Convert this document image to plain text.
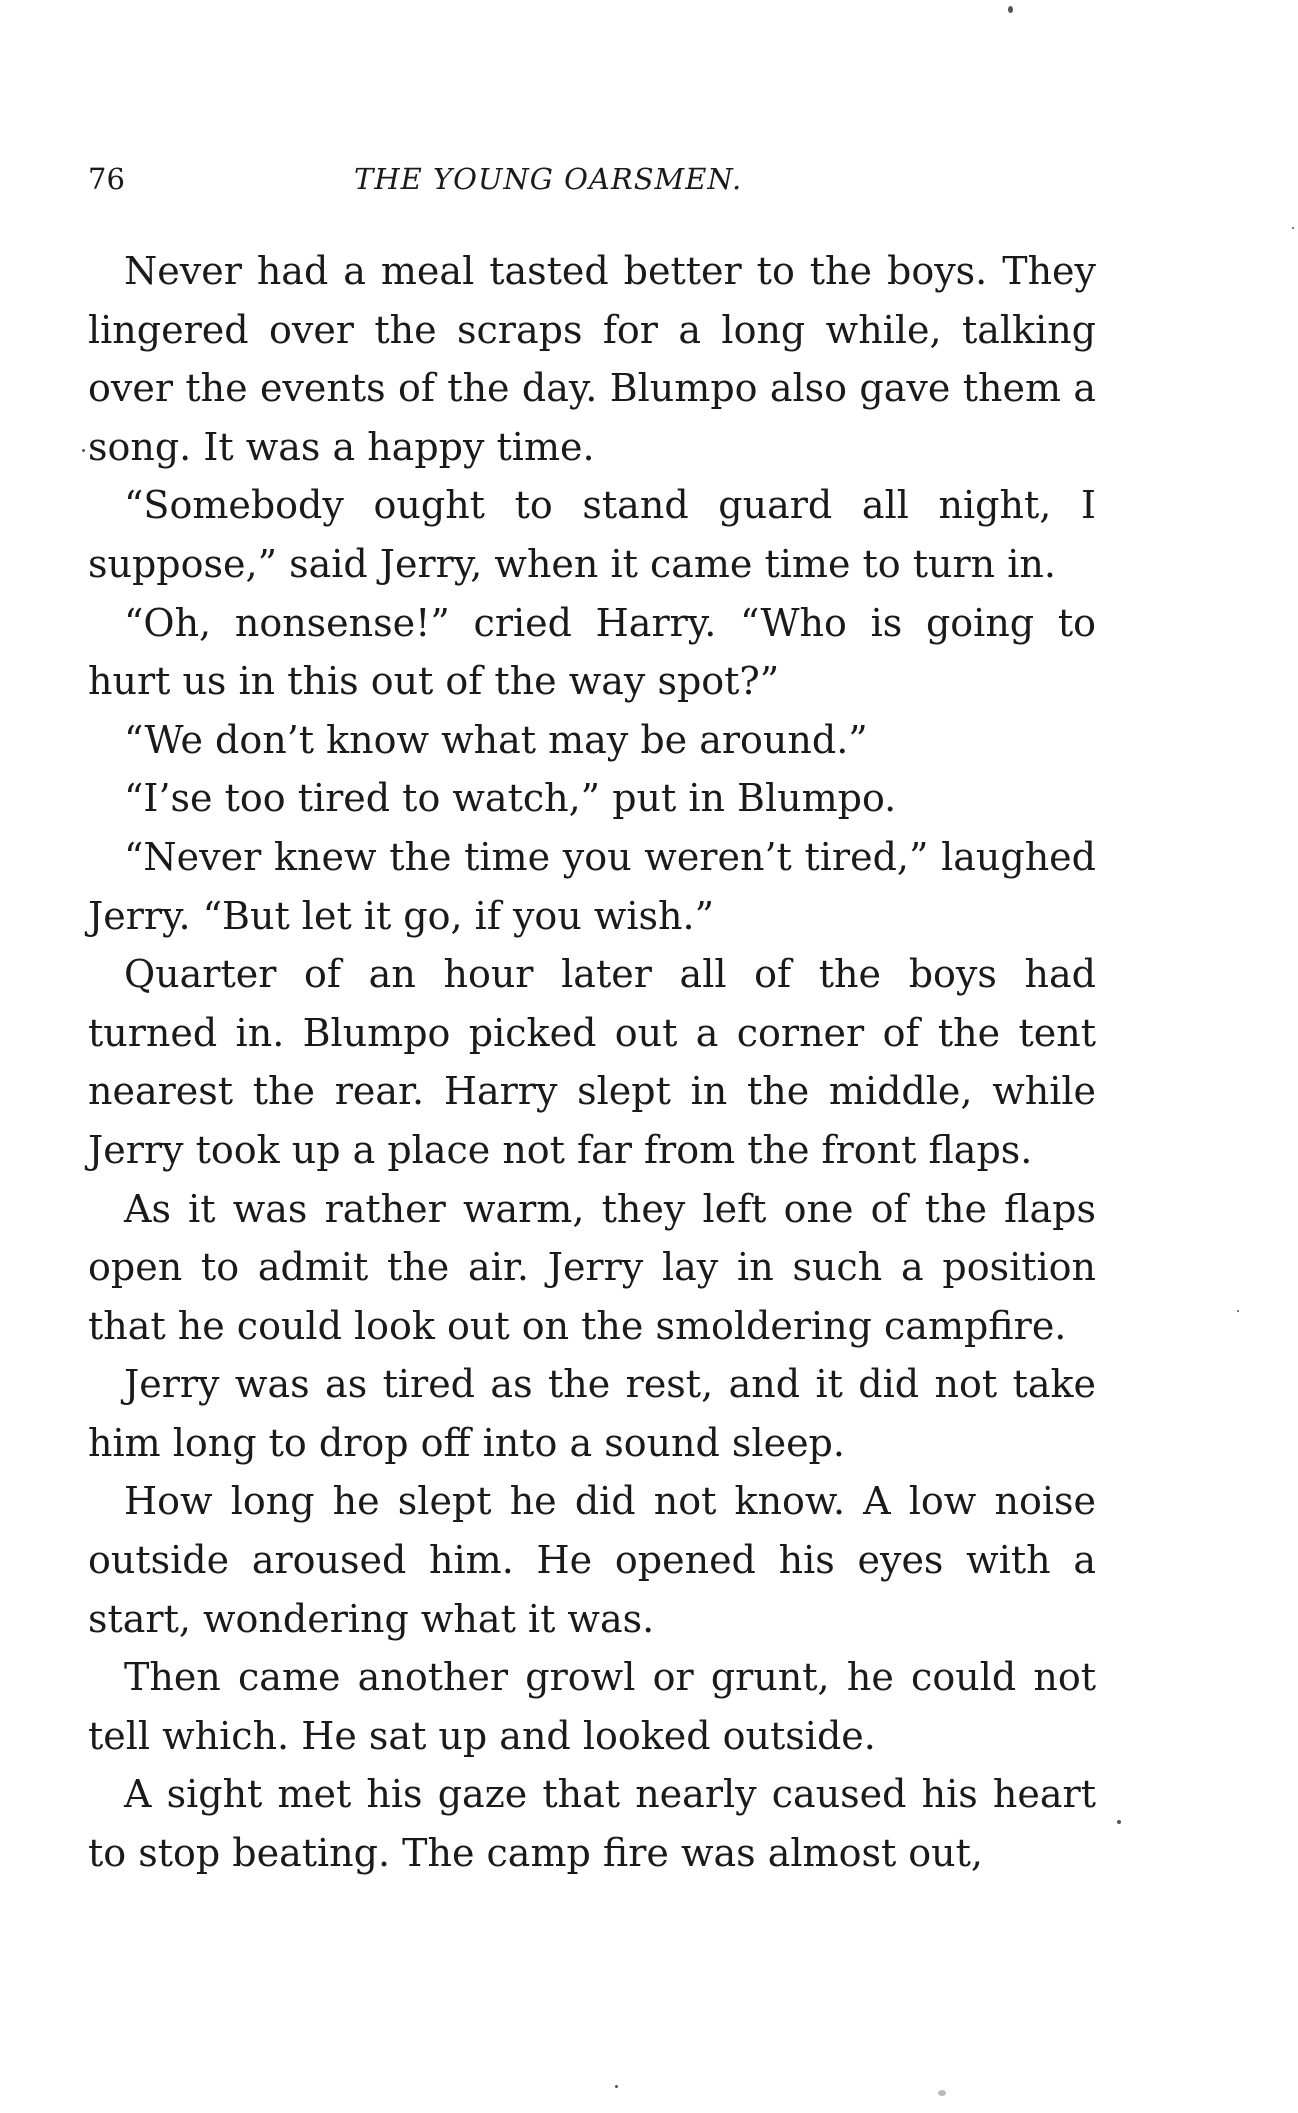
76	THE YOUNG OARSMEN.

Never had a meal tasted better to the boys. They lingered over the scraps for a long while, talking over the events of the day. Blumpo also gave them a song. It was a happy time.

“Somebody ought to stand guard all night, I suppose,” said Jerry, when it came time to turn in.

“Oh, nonsense!” cried Harry. “Who is going to hurt us in this out of the way spot?”

“We don’t know what may be around.”

“I’se too tired to watch,” put in Blumpo.

“Never knew the time you weren’t tired,” laughed Jerry. “But let it go, if you wish.”

Quarter of an hour later all of the boys had turned in. Blumpo picked out a corner of the tent nearest the rear. Harry slept in the middle, while Jerry took up a place not far from the front flaps.

As it was rather warm, they left one of the flaps open to admit the air. Jerry lay in such a position that he could look out on the smoldering campfire.

Jerry was as tired as the rest, and it did not take him long to drop off into a sound sleep.

How long he slept he did not know. A low noise outside aroused him. He opened his eyes with a start, wondering what it was.

Then came another growl or grunt, he could not tell which. He sat up and looked outside.

A sight met his gaze that nearly caused his heart to stop beating. The camp fire was almost out,
